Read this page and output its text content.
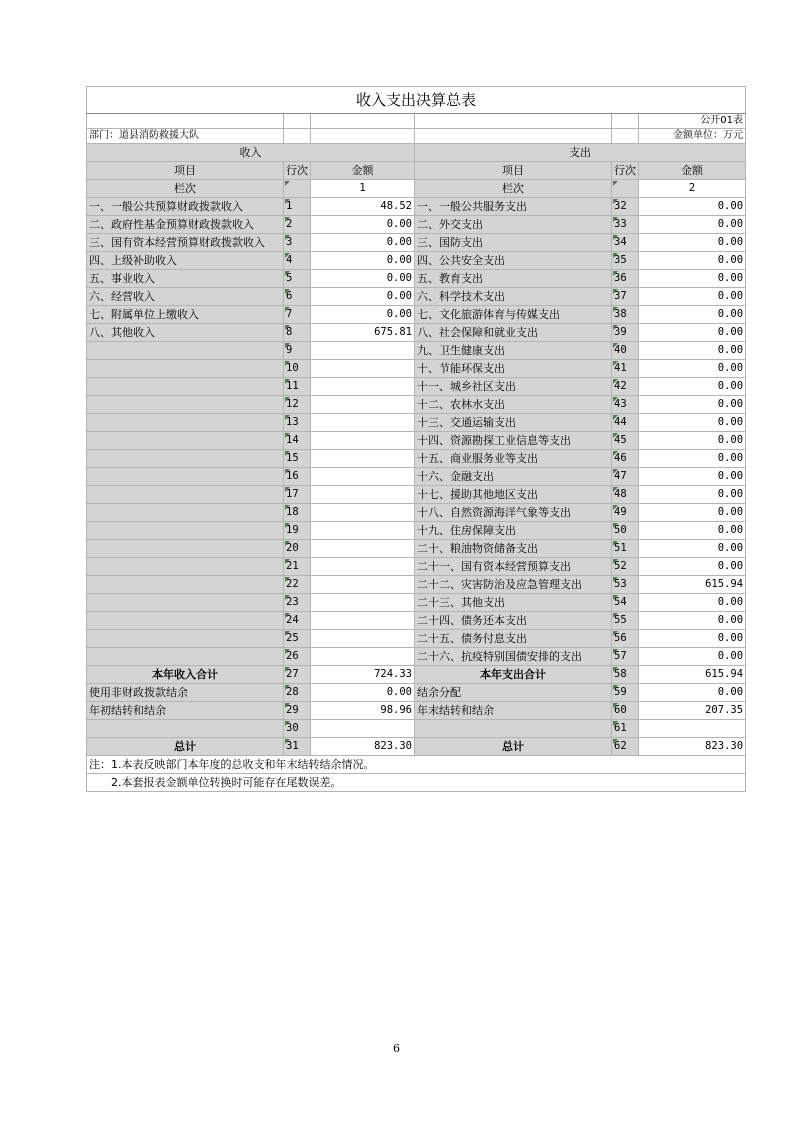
收入支出决算总表					
					公开01表
部门：道县消防救援大队					金额单位：万元
收入			支出		
项目	行次	金额	项目	行次	金额
栏次		1	栏次		2
一、一般公共预算财政拨款收入	1	48.52	一、一般公共服务支出	32	0.00
二、政府性基金预算财政拨款收入	2	0.00	二、外交支出	33	0.00
三、国有资本经营预算财政拨款收入	3	0.00	三、国防支出	34	0.00
四、上级补助收入	4	0.00	四、公共安全支出	35	0.00
五、事业收入	5	0.00	五、教育支出	36	0.00
六、经营收入	6	0.00	六、科学技术支出	37	0.00
七、附属单位上缴收入	7	0.00	七、文化旅游体育与传媒支出	38	0.00
八、其他收入	8	675.81	八、社会保障和就业支出	39	0.00
	9		九、卫生健康支出	40	0.00
	10		十、节能环保支出	41	0.00
	11		十一、城乡社区支出	42	0.00
	12		十二、农林水支出	43	0.00
	13		十三、交通运输支出	44	0.00
	14		十四、资源勘探工业信息等支出	45	0.00
	15		十五、商业服务业等支出	46	0.00
	16		十六、金融支出	47	0.00
	17		十七、援助其他地区支出	48	0.00
	18		十八、自然资源海洋气象等支出	49	0.00
	19		十九、住房保障支出	50	0.00
	20		二十、粮油物资储备支出	51	0.00
	21		二十一、国有资本经营预算支出	52	0.00
	22		二十二、灾害防治及应急管理支出	53	615.94
	23		二十三、其他支出	54	0.00
	24		二十四、债务还本支出	55	0.00
	25		二十五、债务付息支出	56	0.00
	26		二十六、抗疫特别国债安排的支出	57	0.00
本年收入合计	27	724.33	本年支出合计	58	615.94
使用非财政拨款结余	28	0.00	结余分配	59	0.00
年初结转和结余	29	98.96	年末结转和结余	60	207.35
	30			61	
总计	31	823.30	总计	62	823.30
注：1.本表反映部门本年度的总收支和年末结转结余情况。					
2.本套报表金额单位转换时可能存在尾数误差。					
6
